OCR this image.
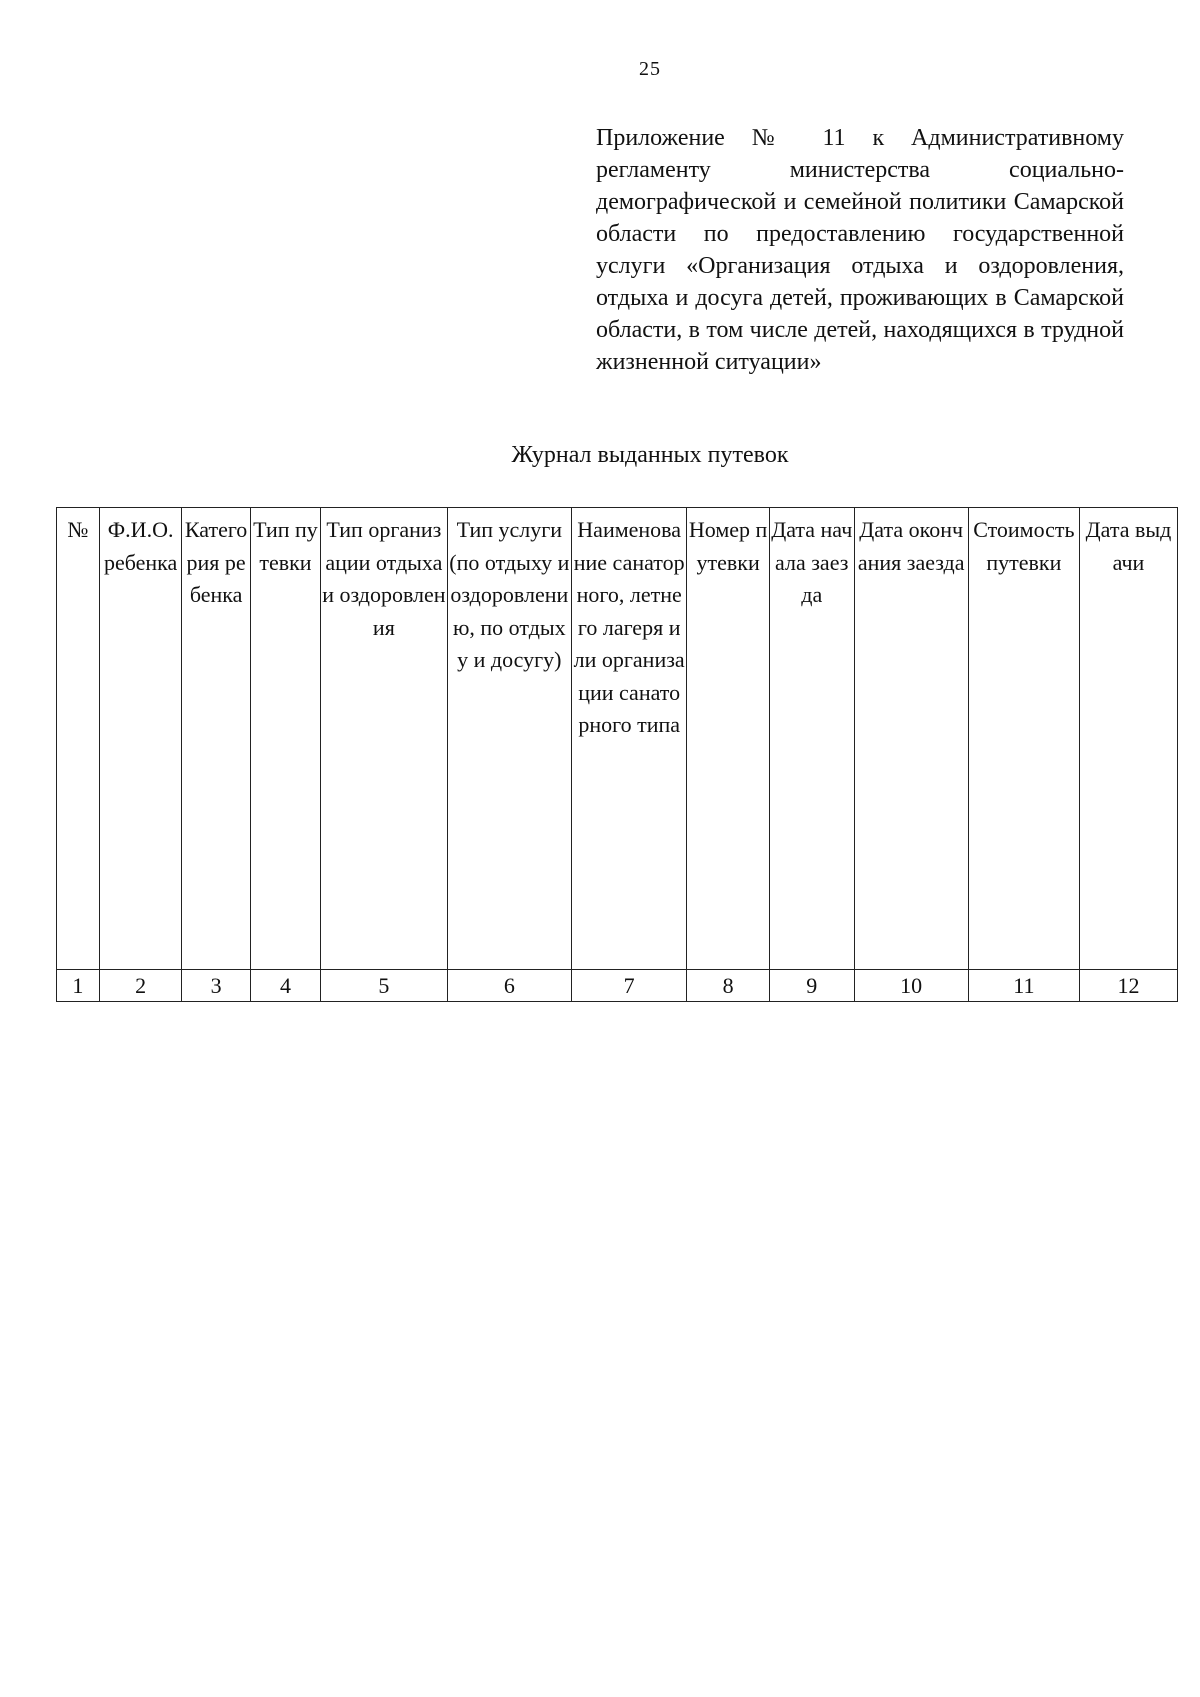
25
Приложение № 11 к Административному регламенту министерства социально-демографической и семейной политики Самарской области по предоставлению государственной услуги «Организация отдыха и оздоровления, отдыха и досуга детей, проживающих в Самарской области, в том числе детей, находящихся в трудной жизненной ситуации»
Журнал выданных путевок
№	Ф.И.О. ребенка	Категория ребенка	Тип путевки	Тип организации отдыха и оздоровления	Тип услуги (по отдыху и оздоровлению, по отдыху и досугу)	Наименование санаторного, летнего лагеря или организации санаторного типа	Номер путевки	Дата начала заезда	Дата окончания заезда	Стоимость путевки	Дата выдачи
1	2	3	4	5	6	7	8	9	10	11	12
